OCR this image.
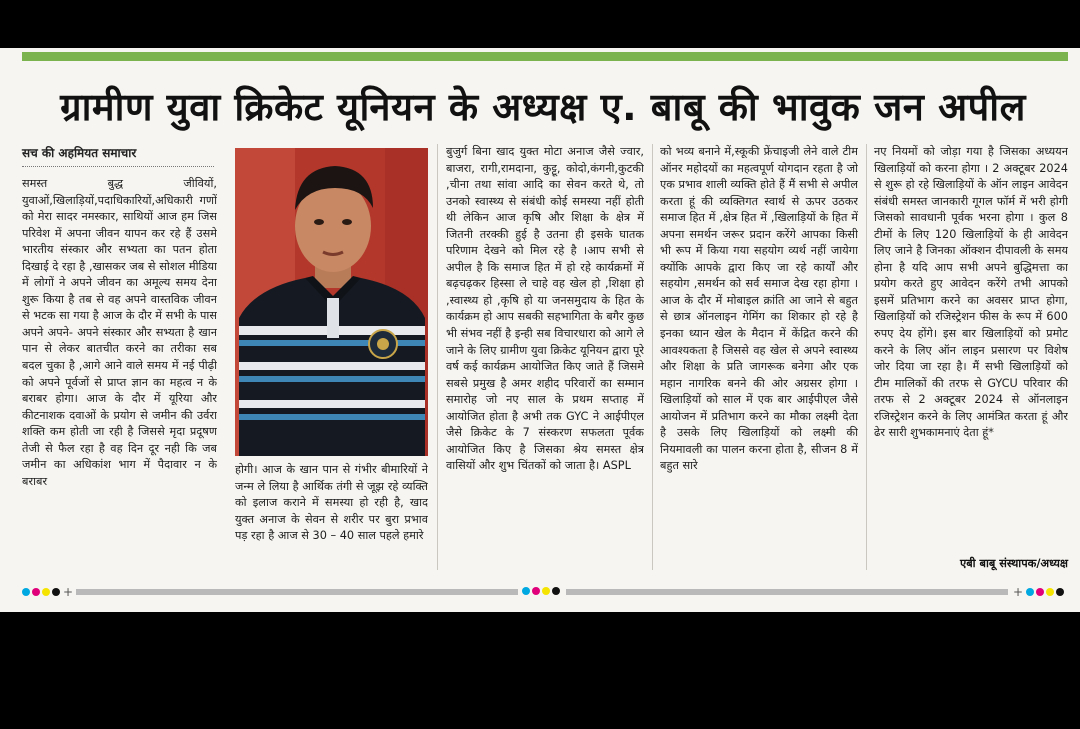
ग्रामीण युवा क्रिकेट यूनियन के अध्यक्ष ए. बाबू की भावुक जन अपील
सच की अहमियत समाचार
समस्त बुद्ध जीवियों, युवाओं,खिलाड़ियों,पदाधिकारियों,अधिकारी गणों को मेरा सादर नमस्कार, साथियों आज हम जिस परिवेश में अपना जीवन यापन कर रहे हैं उसमे भारतीय संस्कार और सभ्यता का पतन होता दिखाई दे रहा है ,खासकर जब से सोशल मीडिया में लोगों ने अपने जीवन का अमूल्य समय देना शुरू किया है तब से वह अपने वास्तविक जीवन से भटक सा गया है आज के दौर में सभी के पास अपने अपने- अपने संस्कार और सभ्यता है खान पान से लेकर बातचीत करने का तरीका सब बदल चुका है ,आगे आने वाले समय में नई पीढ़ी को अपने पूर्वजों से प्राप्त ज्ञान का महत्व न के बराबर होगा। आज के दौर में यूरिया और कीटनाशक दवाओं के प्रयोग से जमीन की उर्वरा शक्ति कम होती जा रही है जिससे मृदा प्रदूषण तेजी से फैल रहा है वह दिन दूर नही कि जब जमीन का अधिकांश भाग में पैदावार न के बराबर
होगी। आज के खान पान से गंभीर बीमारियों ने जन्म ले लिया है आर्थिक तंगी से जूझ रहे व्यक्ति को इलाज कराने में समस्या हो रही है, खाद युक्त अनाज के सेवन से शरीर पर बुरा प्रभाव पड़ रहा है आज से 30 – 40 साल पहले हमारे
बुजुर्ग बिना खाद युक्त मोटा अनाज जैसे ज्वार, बाजरा, रागी,रामदाना, कुट्टू, कोदो,कंगनी,कुटकी ,चीना तथा सांवा आदि का सेवन करते थे, तो उनको स्वास्थ्य से संबंधी कोई समस्या नहीं होती थी लेकिन आज कृषि और शिक्षा के क्षेत्र में जितनी तरक्की हुई है उतना ही इसके घातक परिणाम देखने को मिल रहे है ।आप सभी से अपील है कि समाज हित में हो रहे कार्यक्रमों में बढ़चढ़कर हिस्सा ले चाहे वह खेल हो ,शिक्षा हो ,स्वास्थ्य हो ,कृषि हो या जनसमुदाय के हित के कार्यक्रम हो आप सबकी सहभागिता के बगैर कुछ भी संभव नहीं है इन्ही सब विचारधारा को आगे ले जाने के लिए ग्रामीण युवा क्रिकेट यूनियन द्वारा पूरे वर्ष कई कार्यक्रम आयोजित किए जाते हैं जिसमे सबसे प्रमुख है अमर शहीद परिवारों का सम्मान समारोह जो नए साल के प्रथम सप्ताह में आयोजित होता है अभी तक GYC ने आईपीएल जैसे क्रिकेट के 7 संस्करण सफलता पूर्वक आयोजित किए है जिसका श्रेय समस्त क्षेत्र वासियों और शुभ चिंतकों को जाता है। ASPL
को भव्य बनाने में,स्कूकी फ्रेंचाइजी लेने वाले टीम ऑनर महोदयों का महत्वपूर्ण योगदान रहता है जो एक प्रभाव शाली व्यक्ति होते हैं मैं सभी से अपील करता हूं की व्यक्तिगत स्वार्थ से ऊपर उठकर समाज हित में ,क्षेत्र हित में ,खिलाड़ियों के हित में अपना समर्थन जरूर प्रदान करेंगे आपका किसी भी रूप में किया गया सहयोग व्यर्थ नहीं जायेगा क्योंकि आपके द्वारा किए जा रहे कार्यों और सहयोग ,समर्थन को सर्व समाज देख रहा होगा । आज के दौर में मोबाइल क्रांति आ जाने से बहुत से छात्र ऑनलाइन गेमिंग का शिकार हो रहे है इनका ध्यान खेल के मैदान में केंद्रित करने की आवश्यकता है जिससे वह खेल से अपने स्वास्थ्य और शिक्षा के प्रति जागरूक बनेगा और एक महान नागरिक बनने की ओर अग्रसर होगा । खिलाड़ियों को साल में एक बार आईपीएल जैसे आयोजन में प्रतिभाग करने का मौका लक्ष्मी देता है उसके लिए खिलाड़ियों को लक्ष्मी की नियमावली का पालन करना होता है, सीजन 8 में बहुत सारे
नए नियमों को जोड़ा गया है जिसका अध्ययन खिलाड़ियों को करना होगा । 2 अक्टूबर 2024 से शुरू हो रहे खिलाड़ियों के ऑन लाइन आवेदन संबंधी समस्त जानकारी गूगल फॉर्म में भरी होगी जिसको सावधानी पूर्वक भरना होगा । कुल 8 टीमों के लिए 120 खिलाड़ियों के ही आवेदन लिए जाने है जिनका ऑक्शन दीपावली के समय होना है यदि आप सभी अपने बुद्धिमत्ता का प्रयोग करते हुए आवेदन करेंगे तभी आपको इसमें प्रतिभाग करने का अवसर प्राप्त होगा, खिलाड़ियों को रजिस्ट्रेशन फीस के रूप में 600 रुपए देय होंगे। इस बार खिलाड़ियों को प्रमोट करने के लिए ऑन लाइन प्रसारण पर विशेष जोर दिया जा रहा है। मैं सभी खिलाड़ियों को टीम मालिकों की तरफ से GYCU परिवार की तरफ से 2 अक्टूबर 2024 से ऑनलाइन रजिस्ट्रेशन करने के लिए आमंत्रित करता हूं और ढेर सारी शुभकामनाएं देता हूं*
एबी बाबू संस्थापक/अध्यक्ष
+	+
